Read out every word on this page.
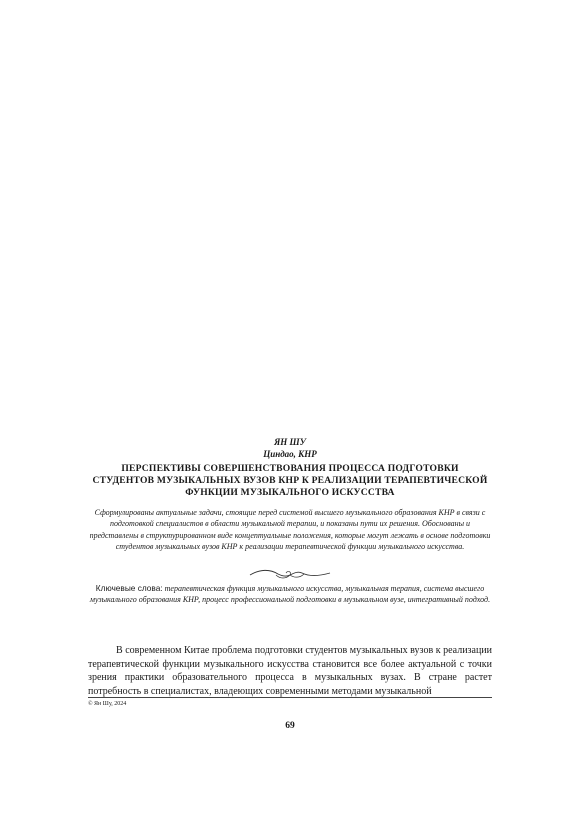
ЯН ШУ
Циндао, КНР
ПЕРСПЕКТИВЫ СОВЕРШЕНСТВОВАНИЯ ПРОЦЕССА ПОДГОТОВКИ СТУДЕНТОВ МУЗЫКАЛЬНЫХ ВУЗОВ КНР К РЕАЛИЗАЦИИ ТЕРАПЕВТИЧЕСКОЙ ФУНКЦИИ МУЗЫКАЛЬНОГО ИСКУССТВА
Сформулированы актуальные задачи, стоящие перед системой высшего музыкального образования КНР в связи с подготовкой специалистов в области музыкальной терапии, и показаны пути их решения. Обоснованы и представлены в структурированном виде концептуальные положения, которые могут лежать в основе подготовки студентов музыкальных вузов КНР к реализации терапевтической функции музыкального искусства.
Ключевые слова: терапевтическая функция музыкального искусства, музыкальная терапия, система высшего музыкального образования КНР, процесс профессиональной подготовки в музыкальном вузе, интегративный подход.

В современном Китае проблема подготовки студентов музыкальных вузов к реализации терапевтической функции музыкального искусства становится все более актуальной с точки зрения практики образовательного процесса в музыкальных вузах. В стране растет потребность в специалистах, владеющих современными методами музыкальной

© Ян Шу, 2024
69
